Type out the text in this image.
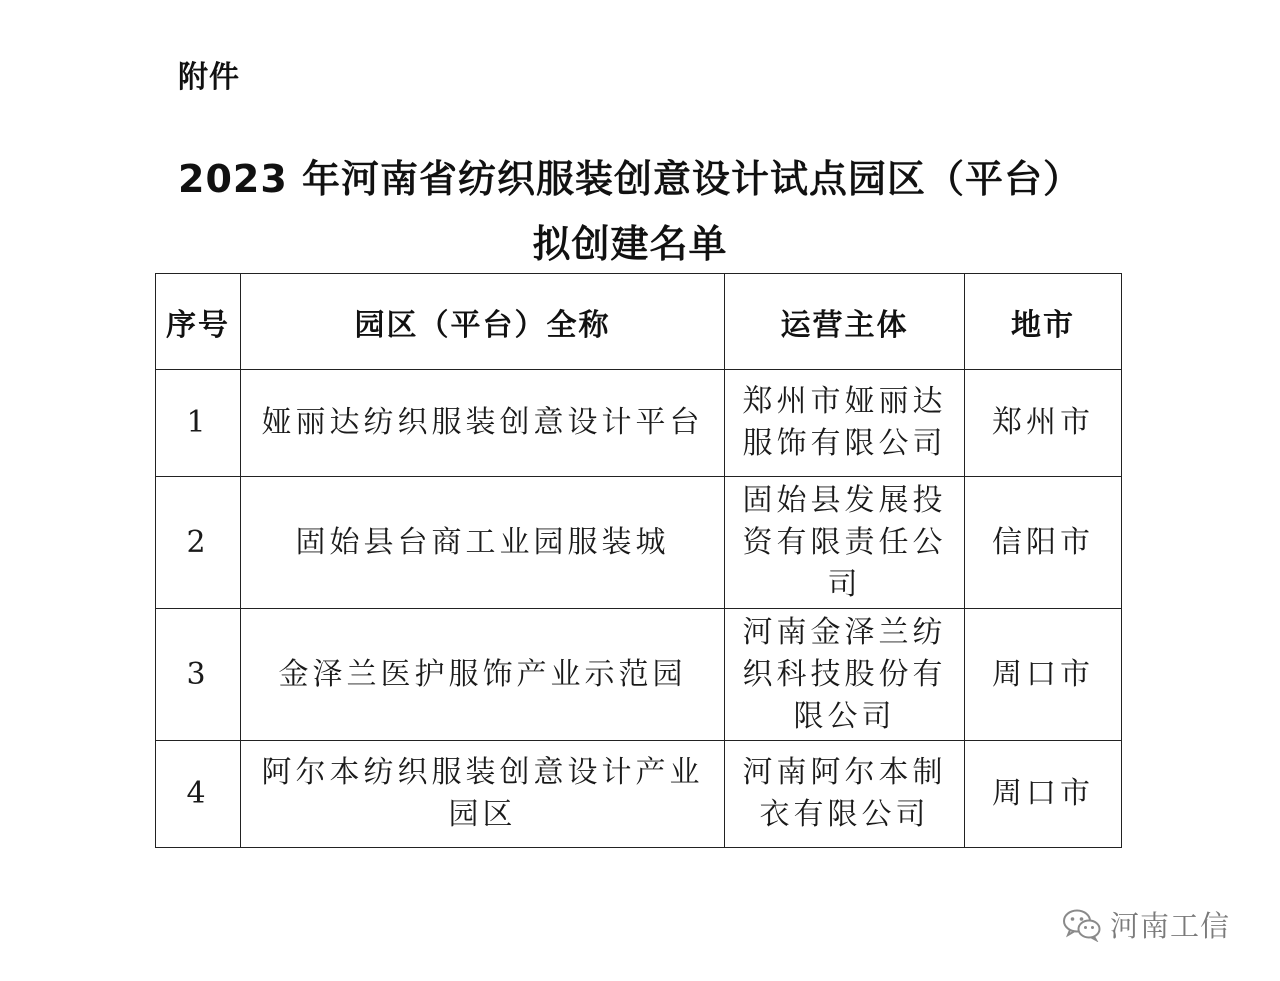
附件
2023 年河南省纺织服装创意设计试点园区（平台）
拟创建名单
序号	园区（平台）全称	运营主体	地市
1	娅丽达纺织服装创意设计平台	郑州市娅丽达服饰有限公司	郑州市
2	固始县台商工业园服装城	固始县发展投资有限责任公司	信阳市
3	金泽兰医护服饰产业示范园	河南金泽兰纺织科技股份有限公司	周口市
4	阿尔本纺织服装创意设计产业园区	河南阿尔本制衣有限公司	周口市
河南工信
